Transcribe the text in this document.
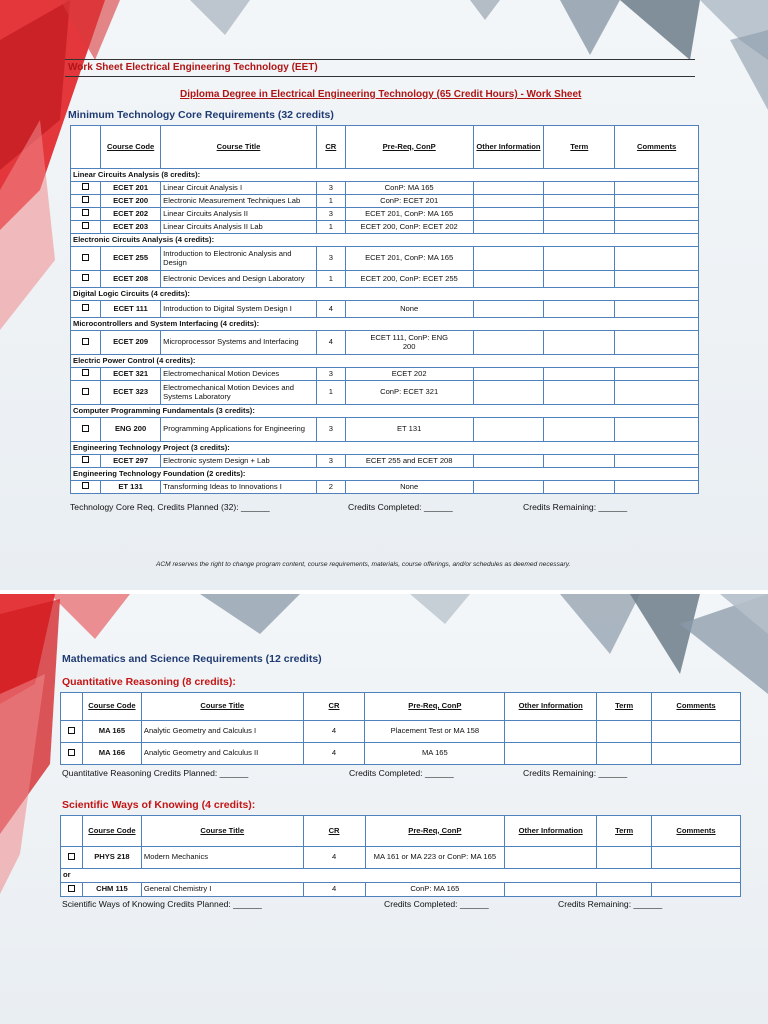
Work Sheet Electrical Engineering Technology (EET)
Diploma Degree in Electrical Engineering Technology (65 Credit Hours) - Work Sheet
Minimum Technology Core Requirements (32 credits)
	Course Code	Course Title	CR	Pre-Req, ConP	Other Information	Term	Comments
Linear Circuits Analysis (8 credits):							
	ECET 201	Linear Circuit Analysis I	3	ConP: MA 165			
	ECET 200	Electronic Measurement Techniques Lab	1	ConP: ECET 201			
	ECET 202	Linear Circuits Analysis II	3	ECET 201, ConP: MA 165			
	ECET 203	Linear Circuits Analysis II Lab	1	ECET 200, ConP: ECET 202			
Electronic Circuits Analysis (4 credits):							
	ECET 255	Introduction to Electronic Analysis and Design	3	ECET 201, ConP: MA 165			
	ECET 208	Electronic Devices and Design Laboratory	1	ECET 200, ConP: ECET 255			
Digital Logic Circuits (4 credits):							
	ECET 111	Introduction to Digital System Design I	4	None			
Microcontrollers and System Interfacing (4 credits):							
	ECET 209	Microprocessor Systems and Interfacing	4	ECET 111, ConP: ENG 200			
Electric Power Control (4 credits):							
	ECET 321	Electromechanical Motion Devices	3	ECET 202			
	ECET 323	Electromechanical Motion Devices and Systems Laboratory	1	ConP: ECET 321			
Computer Programming Fundamentals (3 credits):							
	ENG 200	Programming Applications for Engineering	3	ET 131			
Engineering Technology Project (3 credits):							
	ECET 297	Electronic system Design + Lab	3	ECET 255 and ECET 208			
Engineering Technology Foundation (2 credits):							
	ET 131	Transforming Ideas to Innovations I	2	None			
Technology Core Req. Credits Planned (32): ______	Credits Completed: ______	Credits Remaining: ______
ACM reserves the right to change program content, course requirements, materials, course offerings, and/or schedules as deemed necessary.
Mathematics and Science Requirements (12 credits)
Quantitative Reasoning (8 credits):
	Course Code	Course Title	CR	Pre-Req, ConP	Other Information	Term	Comments
	MA 165	Analytic Geometry and Calculus I	4	Placement Test or MA 158			
	MA 166	Analytic Geometry and Calculus II	4	MA 165			
Quantitative Reasoning Credits Planned: ______	Credits Completed: ______	Credits Remaining: ______
Scientific Ways of Knowing (4 credits):
	Course Code	Course Title	CR	Pre-Req, ConP	Other Information	Term	Comments
	PHYS 218	Modern Mechanics	4	MA 161 or MA 223 or ConP: MA 165			
or							
	CHM 115	General Chemistry I	4	ConP: MA 165			
Scientific Ways of Knowing Credits Planned: ______	Credits Completed: ______	Credits Remaining: ______
